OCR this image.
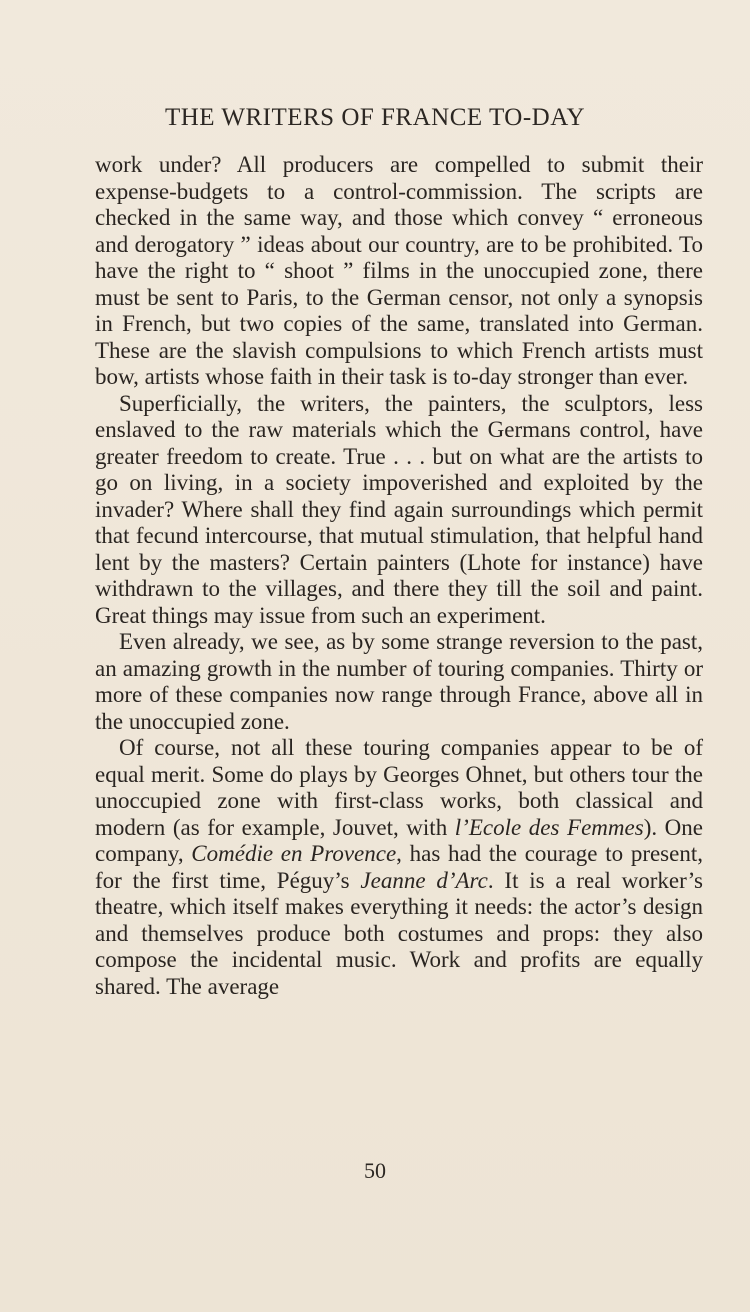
THE WRITERS OF FRANCE TO-DAY

work under? All producers are compelled to submit their expense-budgets to a control-commission. The scripts are checked in the same way, and those which convey “ erroneous and derogatory ” ideas about our country, are to be prohibited. To have the right to “ shoot ” films in the unoccupied zone, there must be sent to Paris, to the German censor, not only a synopsis in French, but two copies of the same, translated into German. These are the slavish compulsions to which French artists must bow, artists whose faith in their task is to-day stronger than ever.

Superficially, the writers, the painters, the sculptors, less enslaved to the raw materials which the Germans control, have greater freedom to create. True . . . but on what are the artists to go on living, in a society impoverished and exploited by the invader? Where shall they find again surroundings which permit that fecund intercourse, that mutual stimulation, that helpful hand lent by the masters? Certain painters (Lhote for instance) have withdrawn to the villages, and there they till the soil and paint. Great things may issue from such an experiment.

Even already, we see, as by some strange reversion to the past, an amazing growth in the number of touring companies. Thirty or more of these companies now range through France, above all in the unoccupied zone.

Of course, not all these touring companies appear to be of equal merit. Some do plays by Georges Ohnet, but others tour the unoccupied zone with first-class works, both classical and modern (as for example, Jouvet, with l’Ecole des Femmes). One company, Comédie en Provence, has had the courage to present, for the first time, Péguy’s Jeanne d’Arc. It is a real worker’s theatre, which itself makes everything it needs: the actor’s design and themselves produce both costumes and props: they also compose the incidental music. Work and profits are equally shared. The average

50
